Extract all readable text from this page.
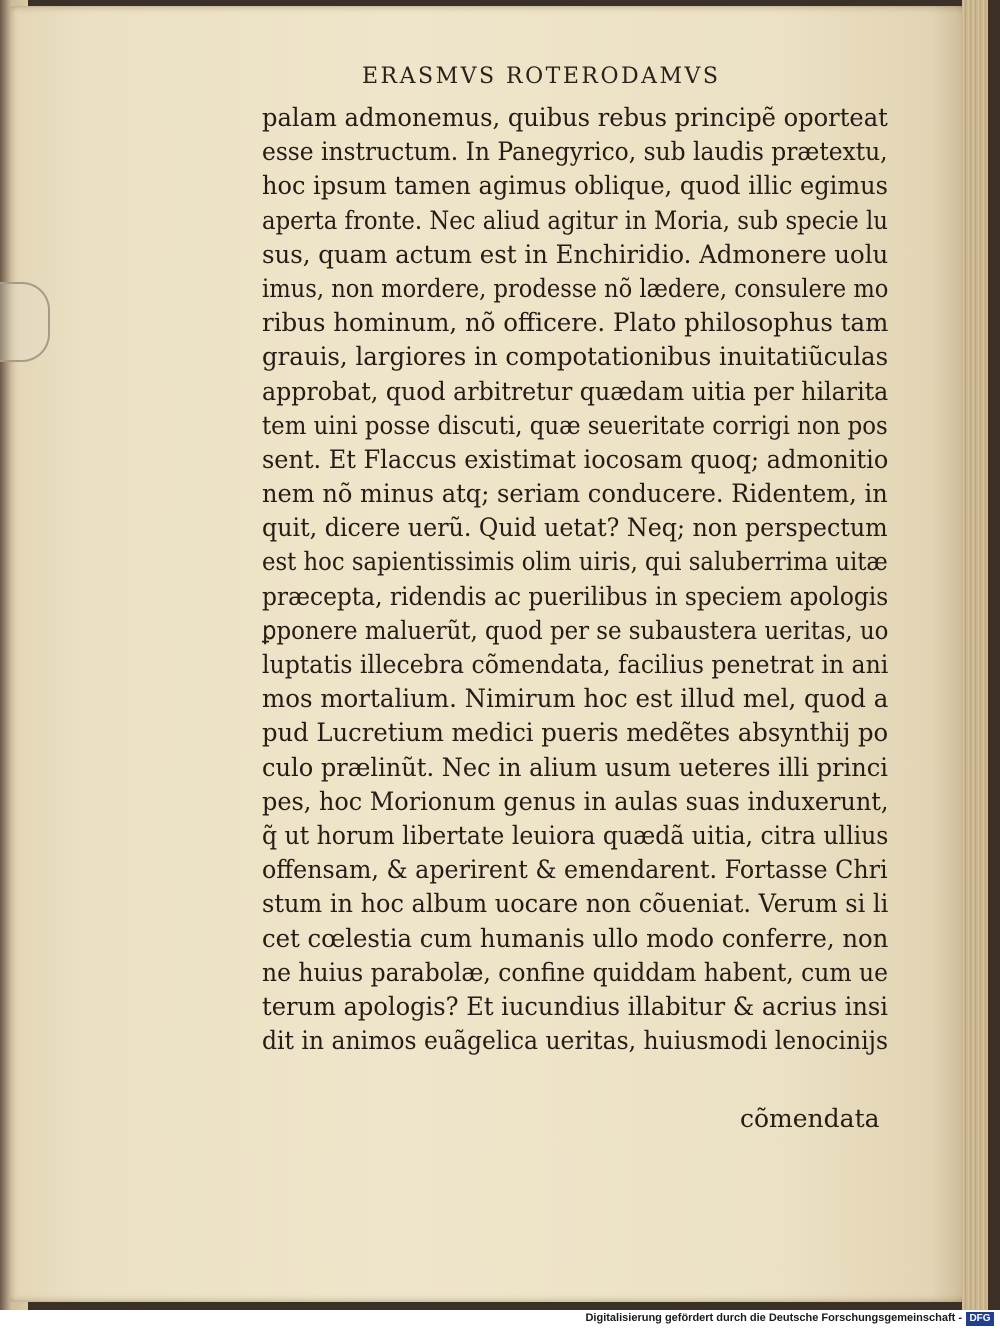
ERASMVS ROTERODAMVS
palam admonemus, quibus rebus principẽ oporteat
esse instructum. In Panegyrico, sub laudis prætextu,
hoc ipsum tamen agimus oblique, quod illic egimus
aperta fronte. Nec aliud agitur in Moria, sub specie lu
sus, quam actum est in Enchiridio. Admonere uolu
imus, non mordere, prodesse nõ lædere, consulere mo
ribus hominum, nõ officere. Plato philosophus tam
grauis, largiores in compotationibus inuitatiũculas
approbat, quod arbitretur quædam uitia per hilarita
tem uini posse discuti, quæ seueritate corrigi non pos
sent. Et Flaccus existimat iocosam quoq; admonitio
nem nõ minus atq; seriam conducere. Ridentem, in
quit, dicere uerũ. Quid uetat? Neq; non perspectum
est hoc sapientissimis olim uiris, qui saluberrima uitæ
præcepta, ridendis ac puerilibus in speciem apologis
ꝑponere maluerũt, quod per se subaustera ueritas, uo
luptatis illecebra cõmendata, facilius penetrat in ani
mos mortalium. Nimirum hoc est illud mel, quod a
pud Lucretium medici pueris medẽtes absynthij po
culo prælinũt. Nec in alium usum ueteres illi princi
pes, hoc Morionum genus in aulas suas induxerunt,
q̃ ut horum libertate leuiora quædã uitia, citra ullius
offensam, & aperirent & emendarent. Fortasse Chri
stum in hoc album uocare non cõueniat. Verum si li
cet cœlestia cum humanis ullo modo conferre, non
ne huius parabolæ, confine quiddam habent, cum ue
terum apologis? Et iucundius illabitur & acrius insi
dit in animos euãgelica ueritas, huiusmodi lenocinijs
cõmendata
Digitalisierung gefördert durch die Deutsche Forschungsgemeinschaft - DFG
